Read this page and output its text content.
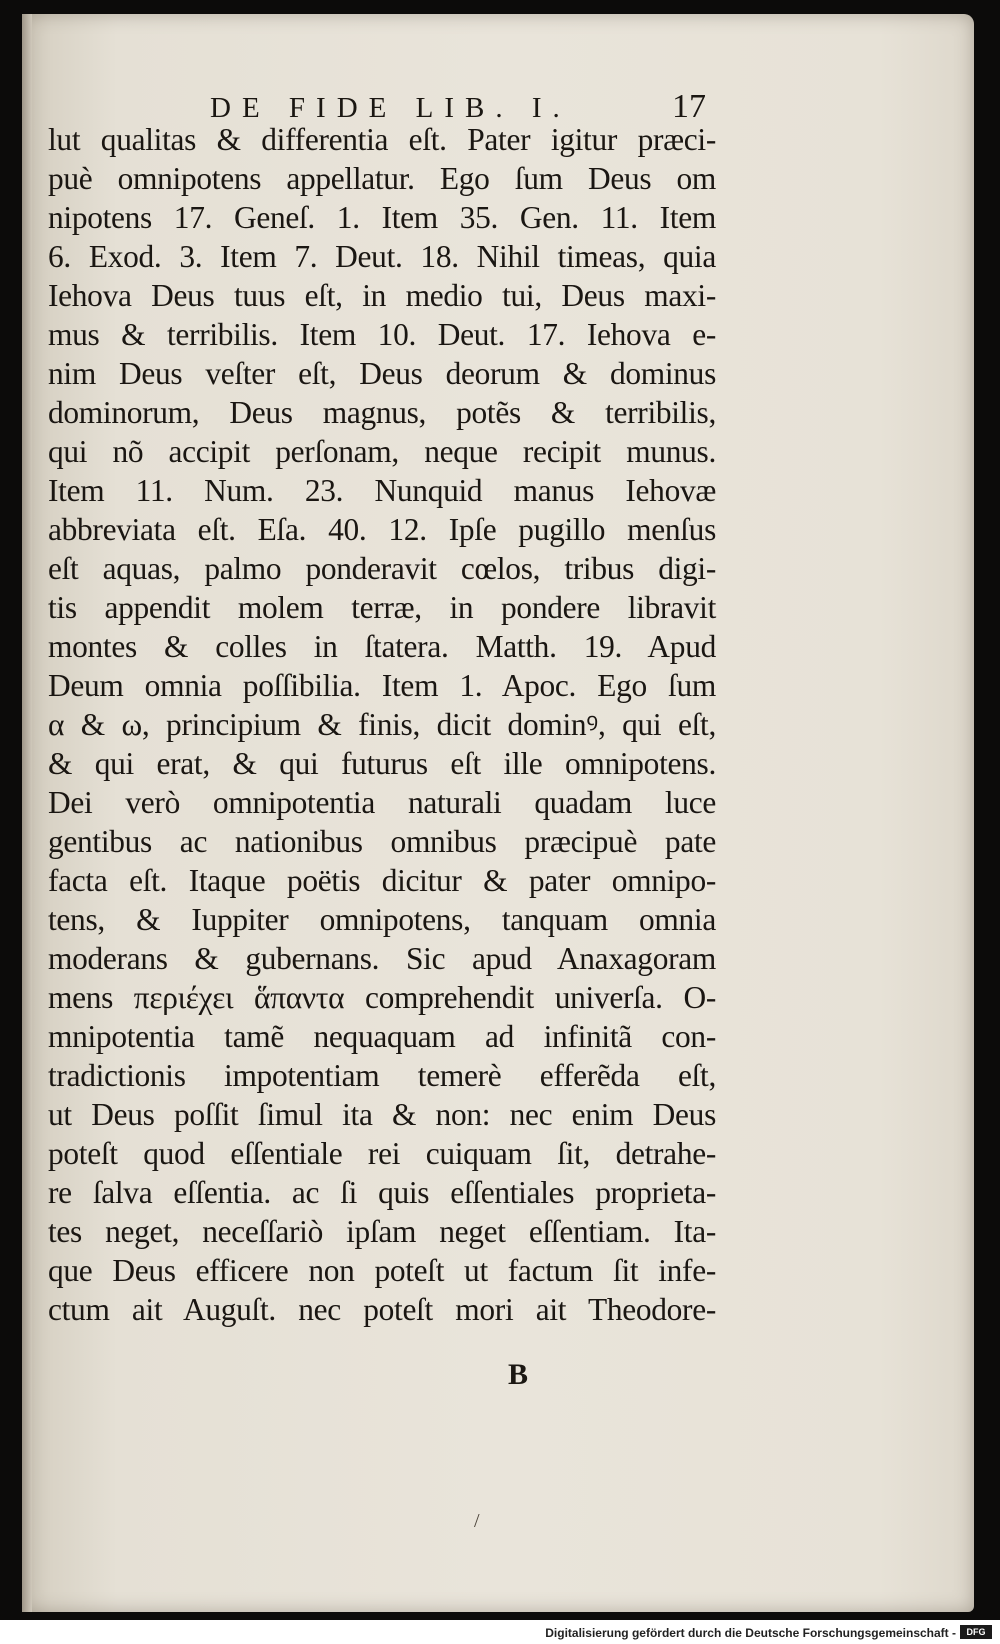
DE FIDE LIB. I.	17
lut qualitas & differentia eſt. Pater igitur præci-
puè omnipotens appellatur. Ego ſum Deus om
nipotens 17. Geneſ. 1. Item 35. Gen. 11. Item
6. Exod. 3. Item 7. Deut. 18. Nihil timeas, quia
Iehova Deus tuus eſt, in medio tui, Deus maxi-
mus & terribilis. Item 10. Deut. 17. Iehova e-
nim Deus veſter eſt, Deus deorum & dominus
dominorum, Deus magnus, potẽs & terribilis,
qui nõ accipit perſonam, neque recipit munus.
Item 11. Num. 23. Nunquid manus Iehovæ
abbreviata eſt. Eſa. 40. 12. Ipſe pugillo menſus
eſt aquas, palmo ponderavit cœlos, tribus digi-
tis appendit molem terræ, in pondere libravit
montes & colles in ſtatera. Matth. 19. Apud
Deum omnia poſſibilia. Item 1. Apoc. Ego ſum
α & ω, principium & finis, dicit dominꝰ, qui eſt,
& qui erat, & qui futurus eſt ille omnipotens.
Dei verò omnipotentia naturali quadam luce
gentibus ac nationibus omnibus præcipuè pate
facta eſt. Itaque poëtis dicitur & pater omnipo-
tens, & Iuppiter omnipotens, tanquam omnia
moderans & gubernans. Sic apud Anaxagoram
mens περιέχει ἅπαντα comprehendit univerſa. O-
mnipotentia tamẽ nequaquam ad infinitã con-
tradictionis impotentiam temerè efferẽda eſt,
ut Deus poſſit ſimul ita & non: nec enim Deus
poteſt quod eſſentiale rei cuiquam ſit, detrahe-
re ſalva eſſentia. ac ſi quis eſſentiales proprieta-
tes neget, neceſſariò ipſam neget eſſentiam. Ita-
que Deus efficere non poteſt ut factum ſit infe-
ctum ait Auguſt. nec poteſt mori ait Theodore-
B
/
Digitalisierung gefördert durch die Deutsche Forschungsgemeinschaft -	DFG
